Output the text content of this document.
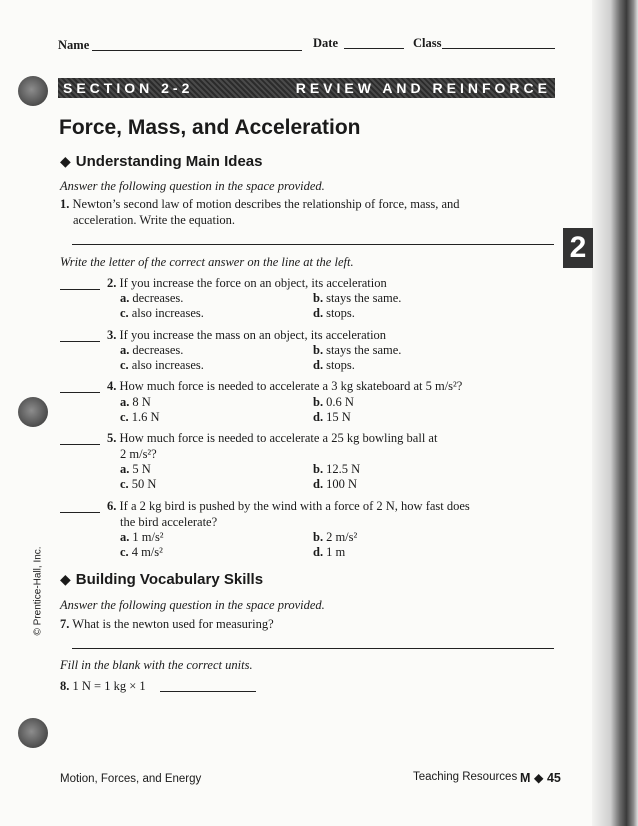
2
Name	Date	Class
SECTION 2-2	REVIEW AND REINFORCE
Force, Mass, and Acceleration
◆ Understanding Main Ideas
Answer the following question in the space provided.
1. Newton’s second law of motion describes the relationship of force, mass, and
acceleration. Write the equation.
Write the letter of the correct answer on the line at the left.
2. If you increase the force on an object, its acceleration
a. decreases.	b. stays the same.
c. also increases.	d. stops.
3. If you increase the mass on an object, its acceleration
a. decreases.	b. stays the same.
c. also increases.	d. stops.
4. How much force is needed to accelerate a 3 kg skateboard at 5 m/s²?
a. 8 N	b. 0.6 N
c. 1.6 N	d. 15 N
5. How much force is needed to accelerate a 25 kg bowling ball at
2 m/s²?
a. 5 N	b. 12.5 N
c. 50 N	d. 100 N
6. If a 2 kg bird is pushed by the wind with a force of 2 N, how fast does
the bird accelerate?
a. 1 m/s²	b. 2 m/s²
c. 4 m/s²	d. 1 m
◆ Building Vocabulary Skills
Answer the following question in the space provided.
7. What is the newton used for measuring?
Fill in the blank with the correct units.
8. 1 N = 1 kg × 1
© Prentice-Hall, Inc.
Motion, Forces, and Energy	Teaching Resources M ◆ 45
